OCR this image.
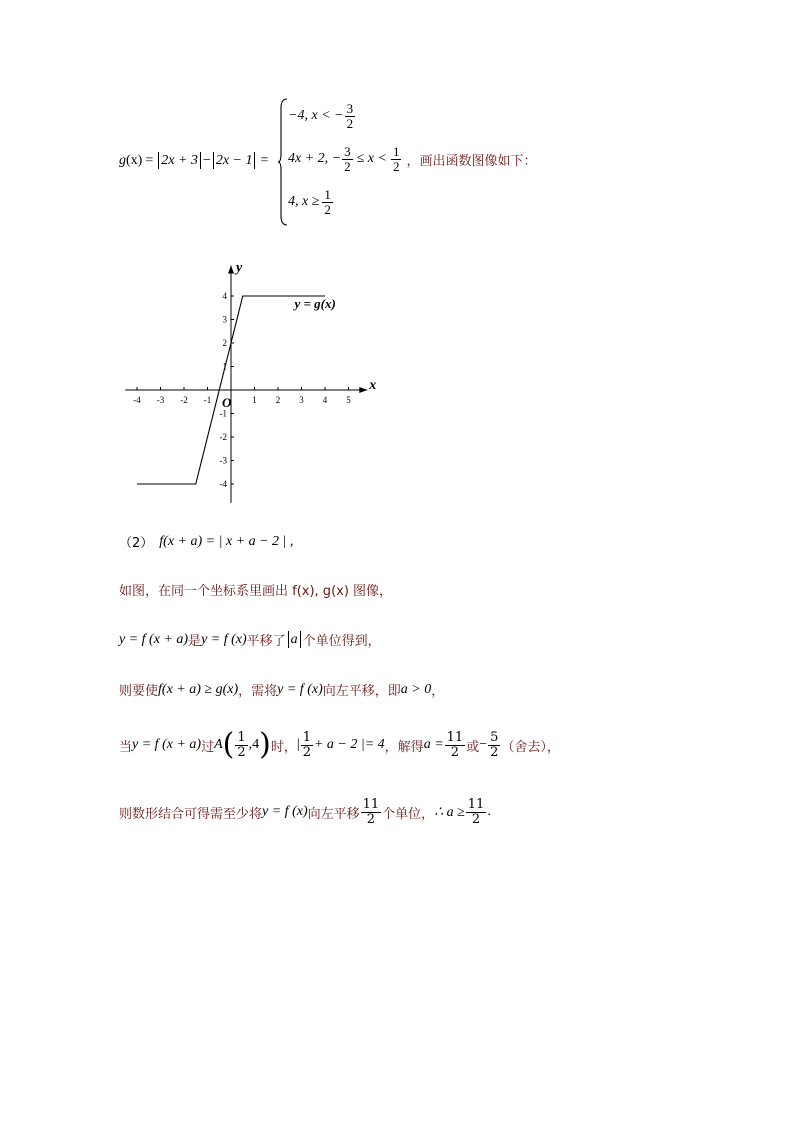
g (x) = 2x + 3 − 2x − 1 =
−4, x < − $\frac{3}{2}$
4x + 2, − $\frac{3}{2} \le x < \frac{1}{2}$ ，画出函数图像如下：
4, $x \ge \frac{1}{2}$
x
y
O
-4 -3 -2 -1	1 2 3 4 5
4
3
2
1
-1
-2
-3
-4
y = g(x)
（2） f(x + a) = | x + a − 2 | ,
如图，在同一个坐标系里画出 f(x), g(x) 图像，
y = f (x + a) 是 y = f (x) 平移了 a 个单位得到，
则要使 f(x + a) ≥ g(x) ，需将 y = f (x) 向左平移，即 a > 0 ，
当 y = f (x + a) 过 A ( $\frac{1}{2} ,4$ ) 时， | $\frac{1}{2} + a - 2$ |= 4 ，解得 $a = \frac{11}{2}$ 或 − $\frac{5}{2}$ （舍去），
则数形结合可得需至少将 y = f (x) 向左平移 $\frac{11}{2}$ 个单位， ∴ $a \ge \frac{11}{2}$ .
